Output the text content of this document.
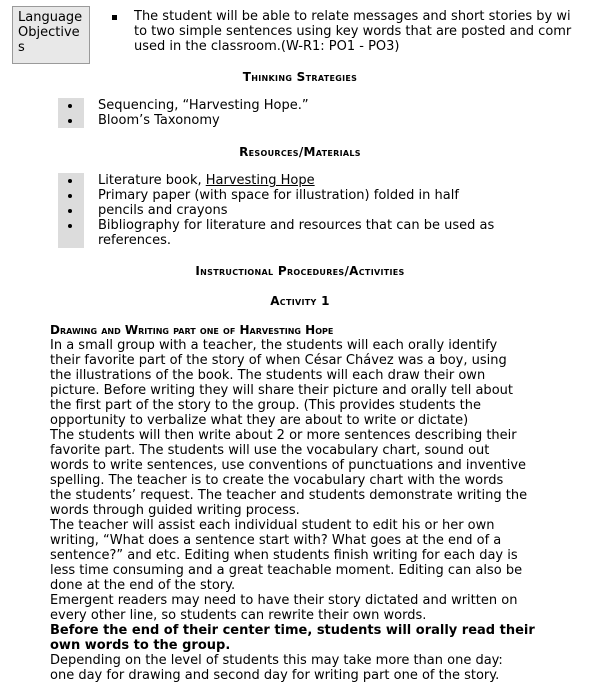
Language
Objective
s
The student will be able to relate messages and short stories by wi
to two simple sentences using key words that are posted and comr
used in the classroom.(W-R1: PO1 - PO3)
Thinking Strategies
Sequencing, “Harvesting Hope.”
Bloom’s Taxonomy
Resources/Materials
Literature book, Harvesting Hope
Primary paper (with space for illustration) folded in half
pencils and crayons
Bibliography for literature and resources that can be used as
references.
Instructional Procedures/Activities
Activity 1
Drawing and Writing part one of Harvesting Hope
In a small group with a teacher, the students will each orally identify
their favorite part of the story of when César Chávez was a boy, using
the illustrations of the book. The students will each draw their own
picture. Before writing they will share their picture and orally tell about
the first part of the story to the group. (This provides students the
opportunity to verbalize what they are about to write or dictate)
The students will then write about 2 or more sentences describing their
favorite part. The students will use the vocabulary chart, sound out
words to write sentences, use conventions of punctuations and inventive
spelling. The teacher is to create the vocabulary chart with the words
the students’ request. The teacher and students demonstrate writing the
words through guided writing process.
The teacher will assist each individual student to edit his or her own
writing, “What does a sentence start with? What goes at the end of a
sentence?” and etc. Editing when students finish writing for each day is
less time consuming and a great teachable moment. Editing can also be
done at the end of the story.
Emergent readers may need to have their story dictated and written on
every other line, so students can rewrite their own words.
Before the end of their center time, students will orally read their
own words to the group.
Depending on the level of students this may take more than one day:
one day for drawing and second day for writing part one of the story.
